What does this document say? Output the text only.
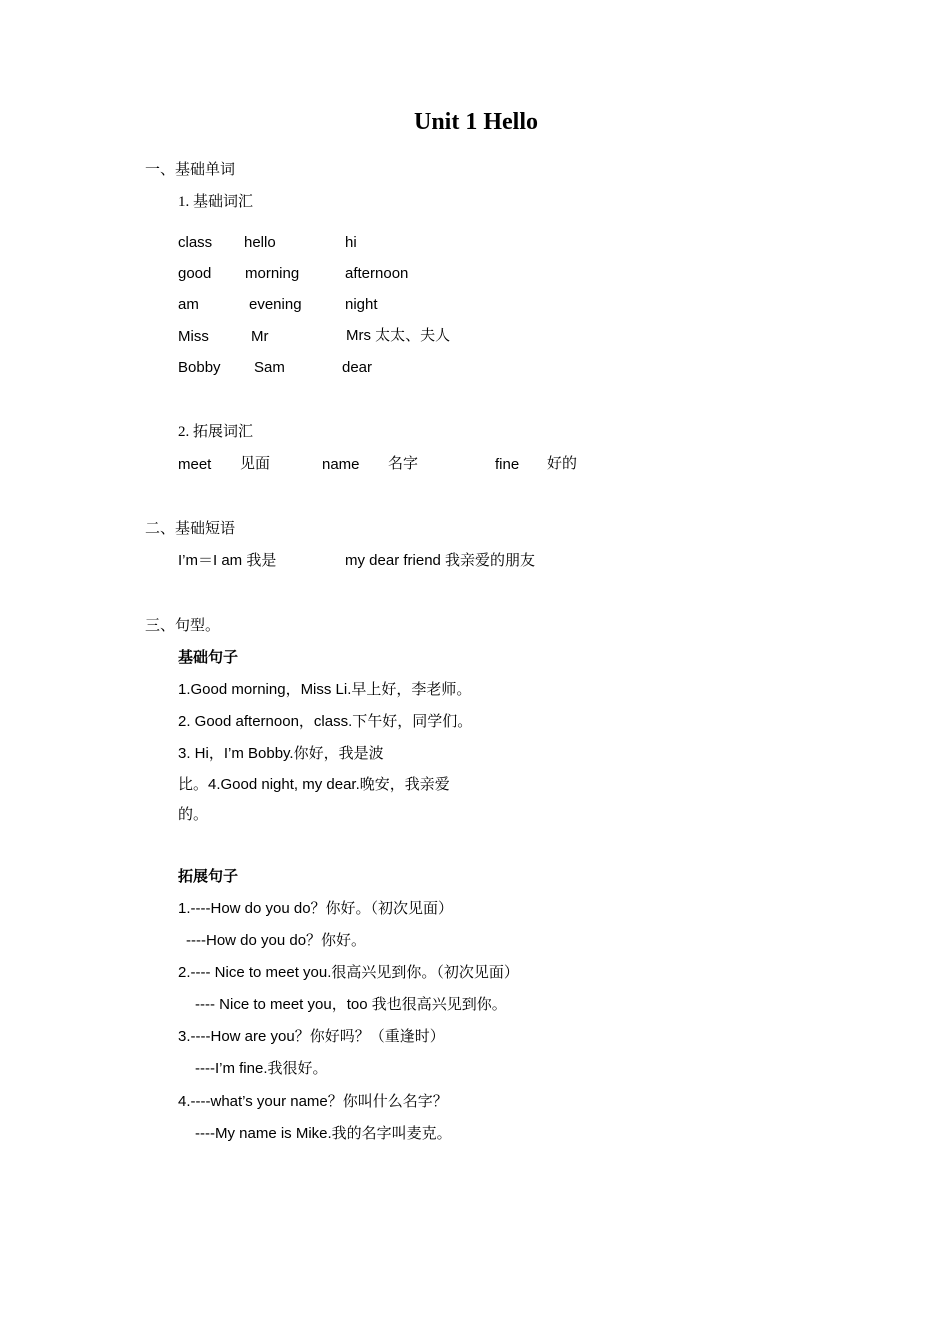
Unit 1 Hello
一、基础单词
1. 基础词汇
class hello	hi
good morning	afternoon
am	evening	night
Miss	Mr	Mrs 太太、夫人
Bobby Sam	dear
2. 拓展词汇
meet 见面	name 名字	fine 好的
二、基础短语
I’m＝I am 我是	my dear friend 我亲爱的朋友
三、句型。
基础句子
1.Good morning，Miss Li.早上好，李老师。
2. Good afternoon，class.下午好，同学们。
3. Hi，I’m Bobby.你好，我是波
比。4.Good night, my dear.晚安，我亲爱
的。
拓展句子
1.----How do you do？你好。（初次见面）
----How do you do？你好。
2.---- Nice to meet you.很高兴见到你。（初次见面）
---- Nice to meet you，too 我也很高兴见到你。
3.----How are you？你好吗？（重逢时）
----I’m fine.我很好。
4.----what’s your name？你叫什么名字？
----My name is Mike.我的名字叫麦克。
